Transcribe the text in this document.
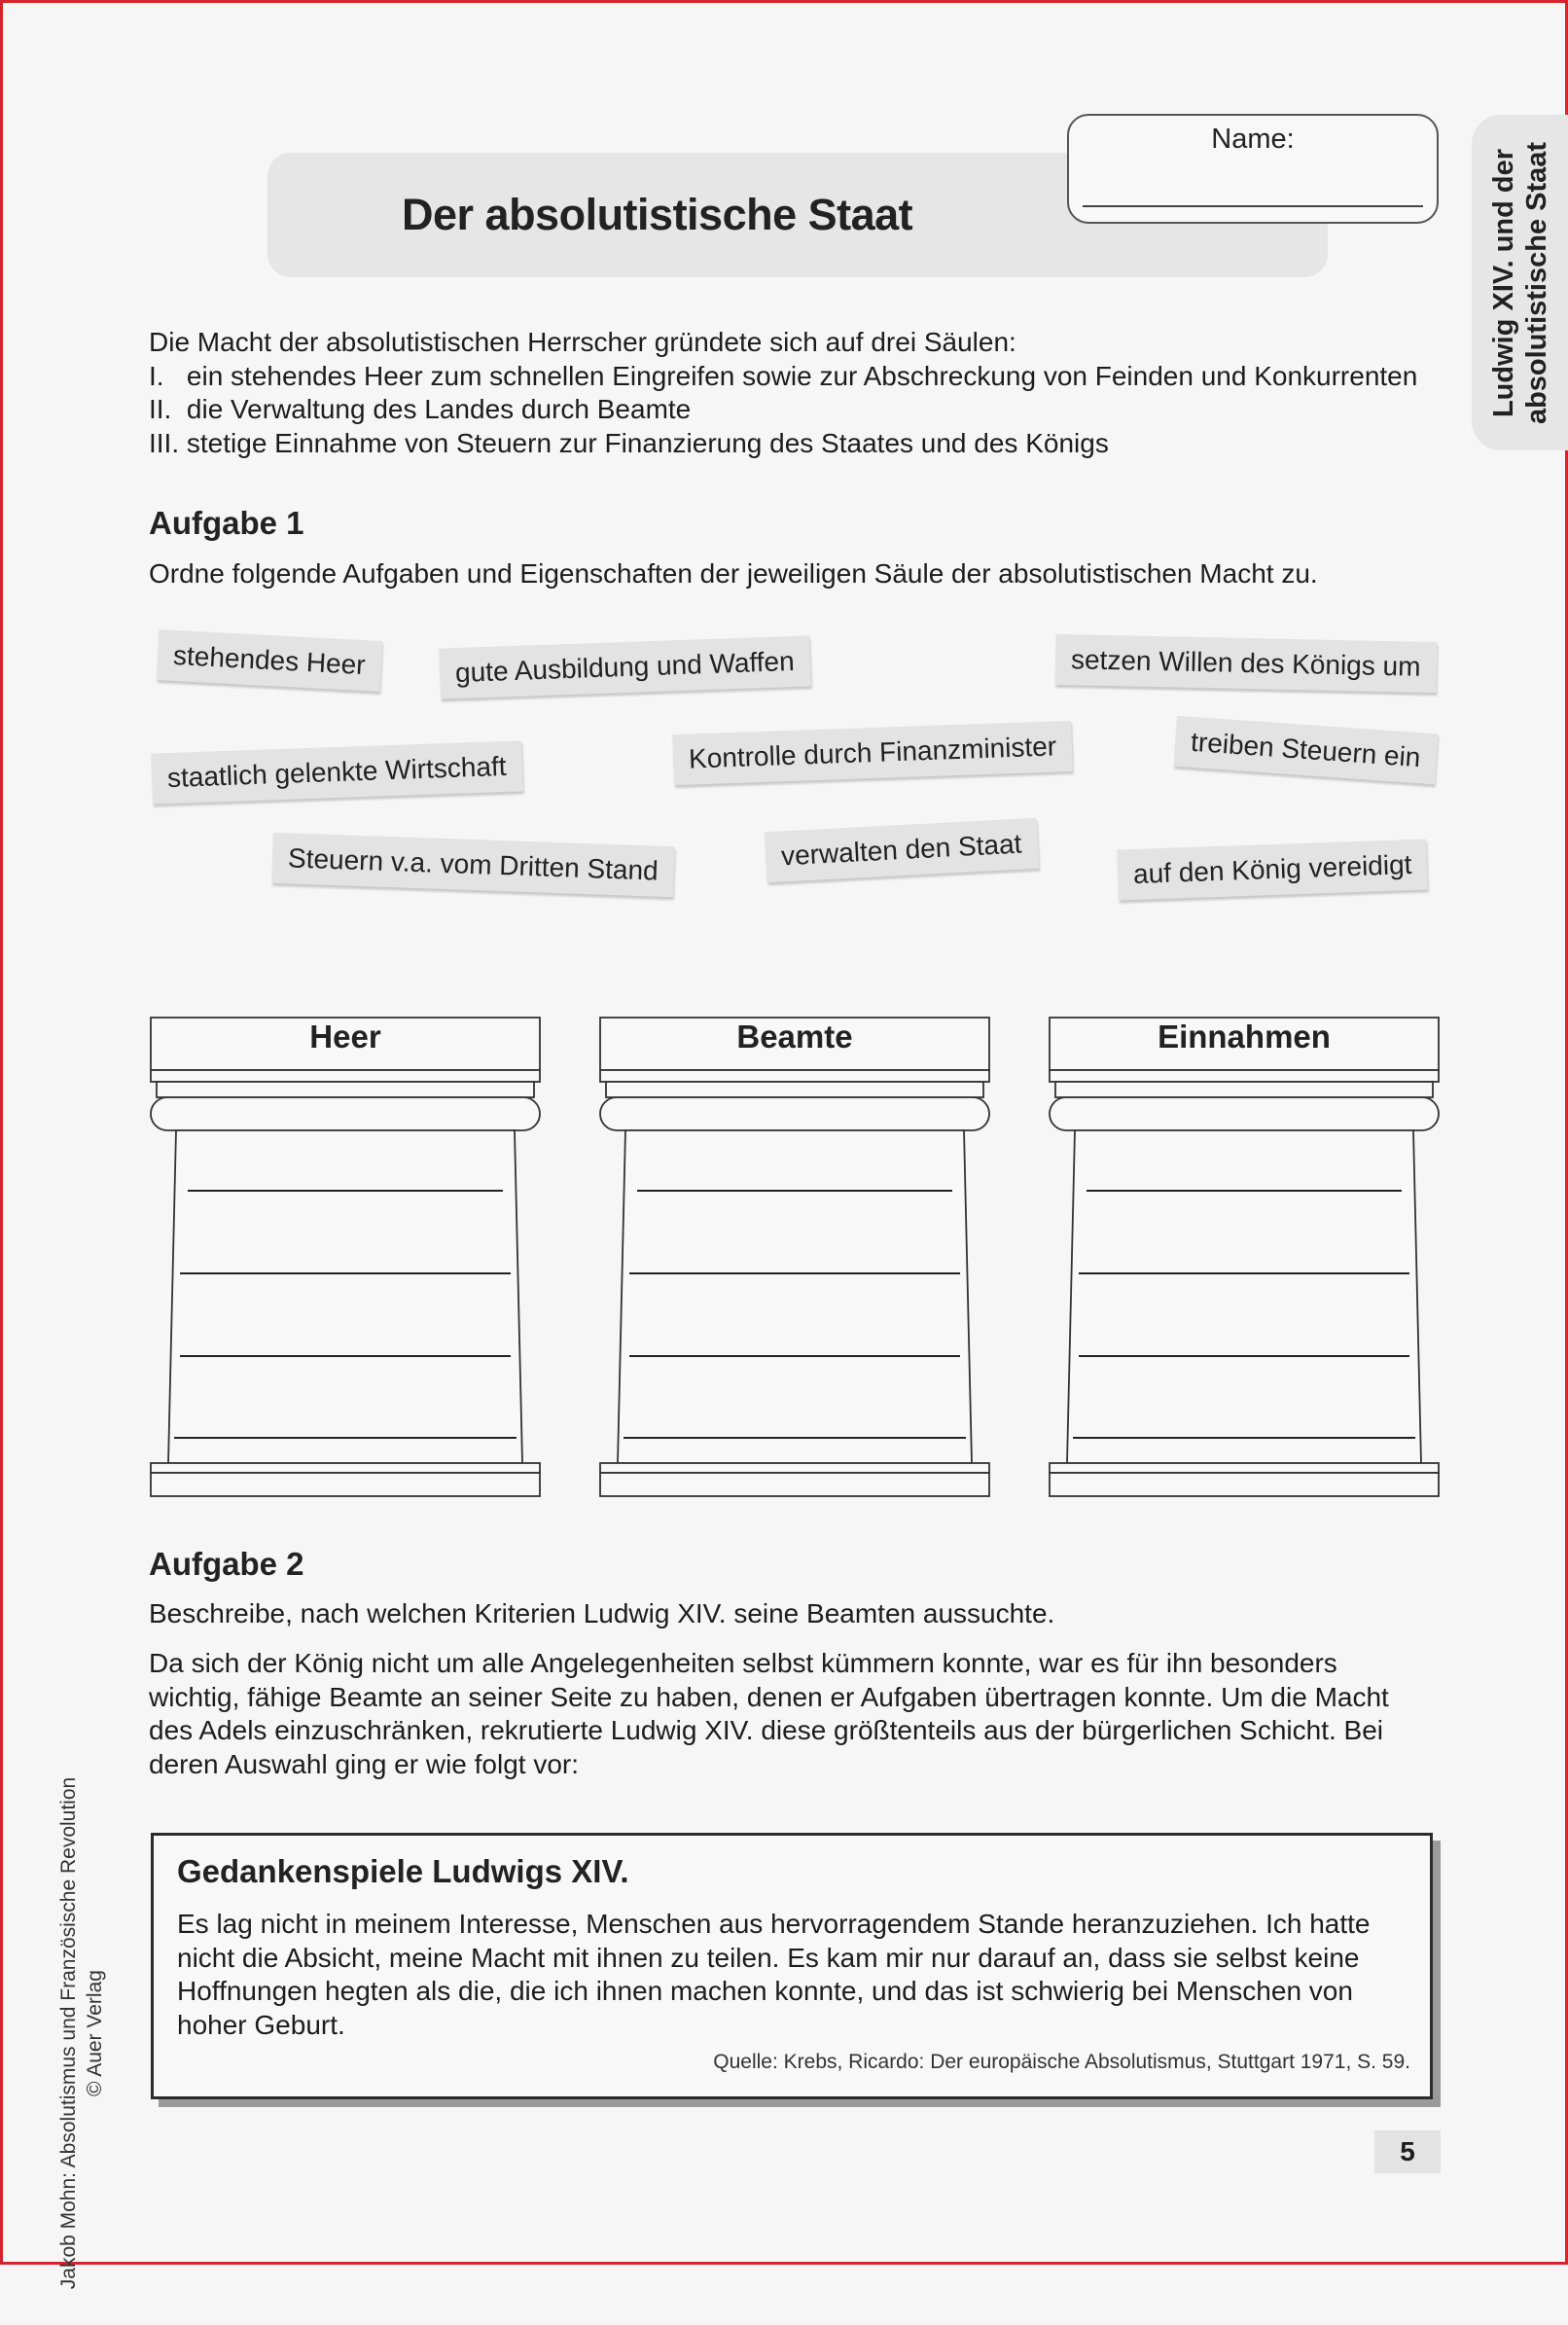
Der absolutistische Staat
Name:
Ludwig XIV. und der absolutistische Staat

Die Macht der absolutistischen Herrscher gründete sich auf drei Säulen:

I.   ein stehendes Heer zum schnellen Eingreifen sowie zur Abschreckung von Feinden und Konkurrenten

II.  die Verwaltung des Landes durch Beamte

III. stetige Einnahme von Steuern zur Finanzierung des Staates und des Königs

Aufgabe 1
Ordne folgende Aufgaben und Eigenschaften der jeweiligen Säule der absolutistischen Macht zu.
stehendes Heer	gute Ausbildung und Waffen	setzen Willen des Königs um
staatlich gelenkte Wirtschaft	Kontrolle durch Finanzminister	treiben Steuern ein
Steuern v.a. vom Dritten Stand	verwalten den Staat	auf den König vereidigt
Heer	Beamte	Einnahmen
Aufgabe 2
Beschreibe, nach welchen Kriterien Ludwig XIV. seine Beamten aussuchte.

Da sich der König nicht um alle Angelegenheiten selbst kümmern konnte, war es für ihn besonders

wichtig, fähige Beamte an seiner Seite zu haben, denen er Aufgaben übertragen konnte. Um die Macht

des Adels einzuschränken, rekrutierte Ludwig XIV. diese größtenteils aus der bürgerlichen Schicht. Bei

deren Auswahl ging er wie folgt vor:

Gedankenspiele Ludwigs XIV.
Es lag nicht in meinem Interesse, Menschen aus hervorragendem Stande heranzuziehen. Ich hatte
nicht die Absicht, meine Macht mit ihnen zu teilen. Es kam mir nur darauf an, dass sie selbst keine
Hoffnungen hegten als die, die ich ihnen machen konnte, und das ist schwierig bei Menschen von
hoher Geburt.
Quelle: Krebs, Ricardo: Der europäische Absolutismus, Stuttgart 1971, S. 59.
Jakob Mohn: Absolutismus und Französische Revolution © Auer Verlag
5
